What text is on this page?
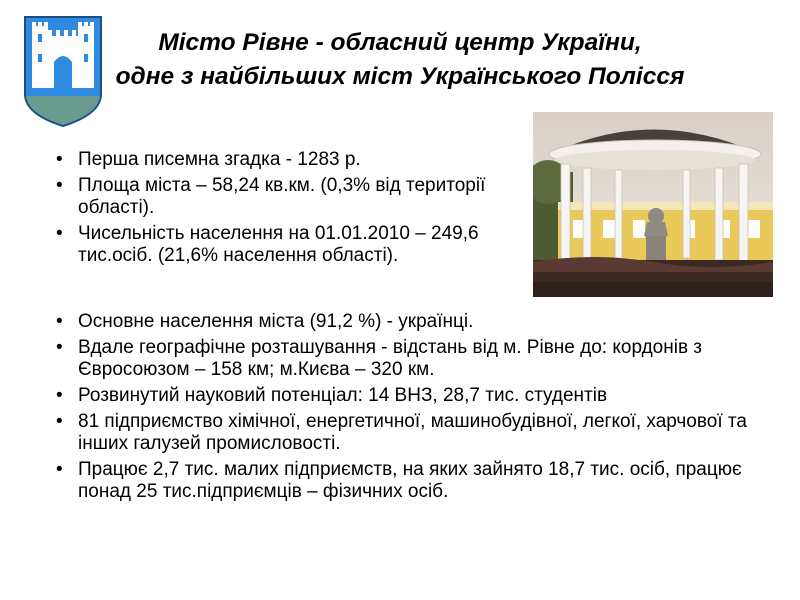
Місто Рівне - обласний центр України,
одне з найбільших міст Українського Полісся
• Перша писемна згадка - 1283 р.
• Площа міста – 58,24 кв.км. (0,3% від території області).
• Чисельність населення на 01.01.2010 – 249,6 тис.осіб. (21,6% населення області).
• Основне населення міста (91,2 %) - українці.
• Вдале географічне розташування - відстань від м. Рівне до: кордонів з Євросоюзом – 158 км; м.Києва – 320 км.
• Розвинутий науковий потенціал: 14 ВНЗ, 28,7 тис. студентів
• 81 підприємство хімічної, енергетичної, машинобудівної, легкої, харчової та інших галузей промисловості.
• Працює 2,7 тис. малих підприємств, на яких зайнято 18,7 тис. осіб, працює понад 25 тис.підприємців – фізичних осіб.
